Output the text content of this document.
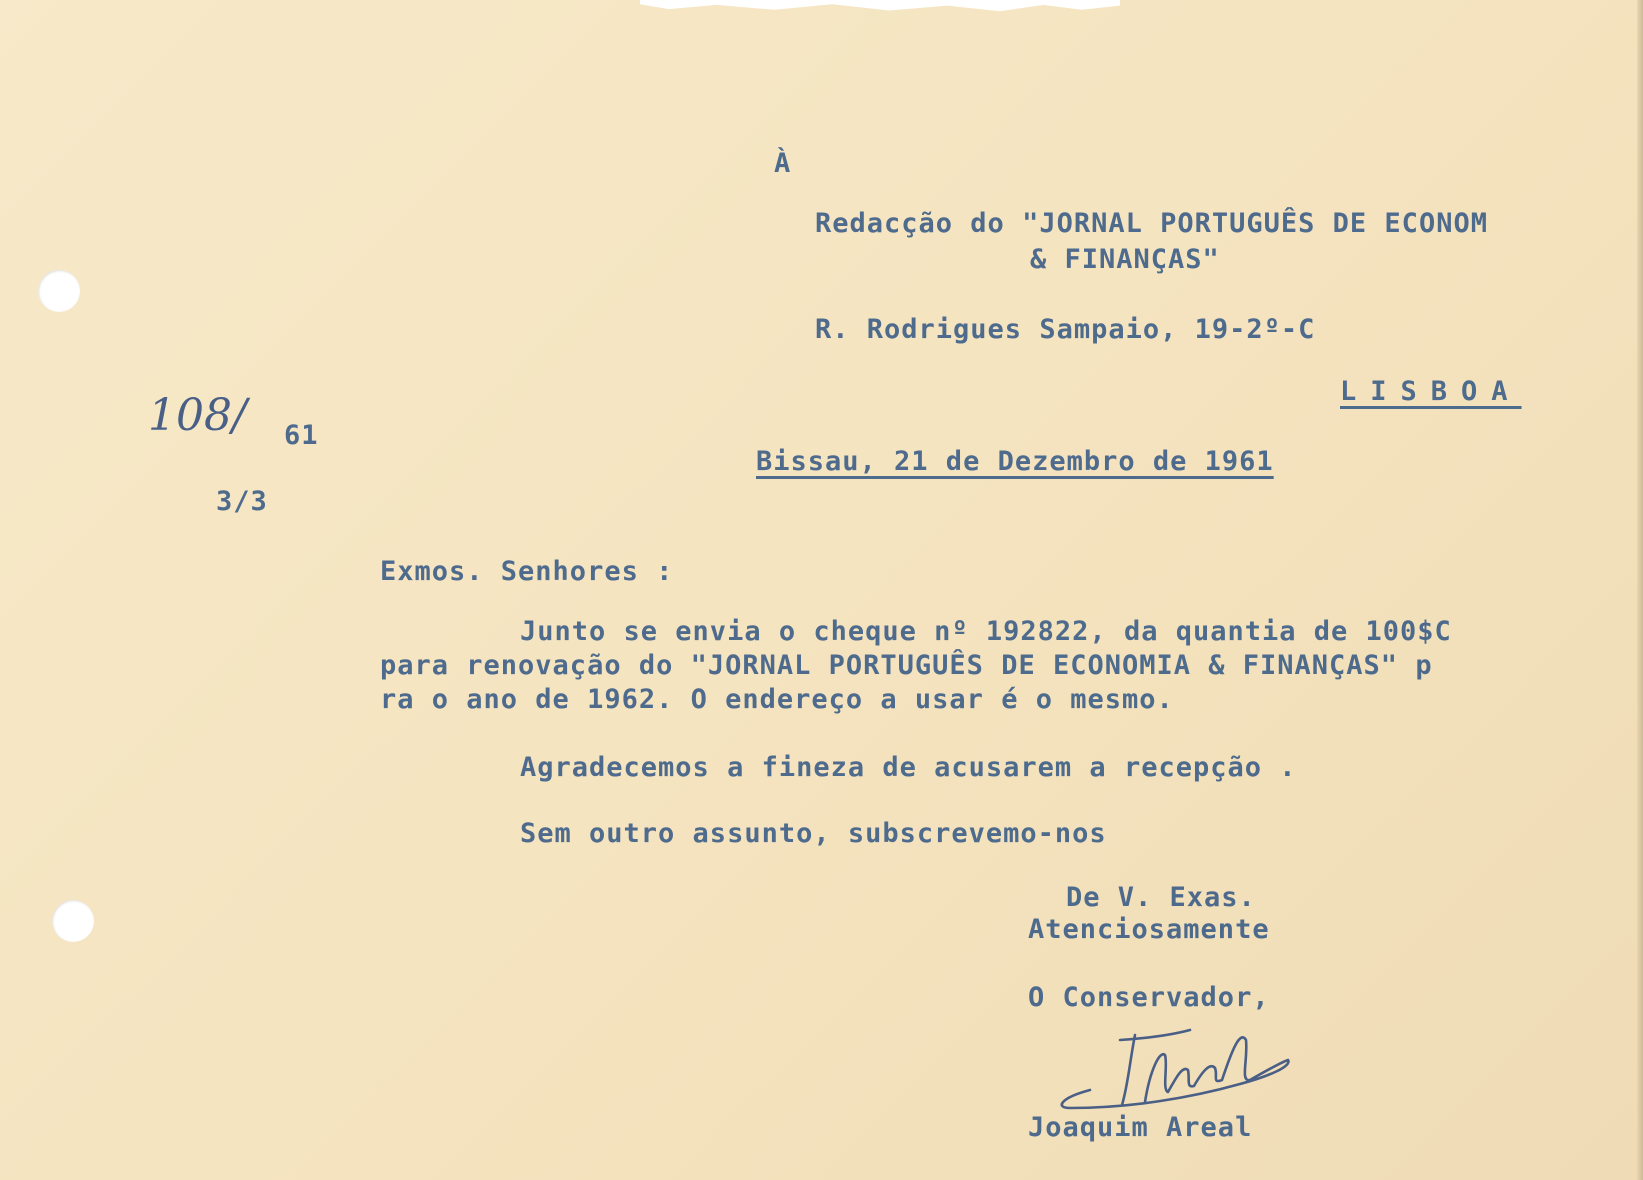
À
Redacção do "JORNAL PORTUGUÊS DE ECONOM
& FINANÇAS"
R. Rodrigues Sampaio, 19-2º-C
LISBOA
108/ 61
3/3
Bissau, 21 de Dezembro de 1961
Exmos. Senhores :
Junto se envia o cheque nº 192822, da quantia de 100$C
para renovação do "JORNAL PORTUGUÊS DE ECONOMIA & FINANÇAS" p
ra o ano de 1962. O endereço a usar é o mesmo.
Agradecemos a fineza de acusarem a recepção .
Sem outro assunto, subscrevemo-nos
De V. Exas.
Atenciosamente
O Conservador,
Joaquim Areal
